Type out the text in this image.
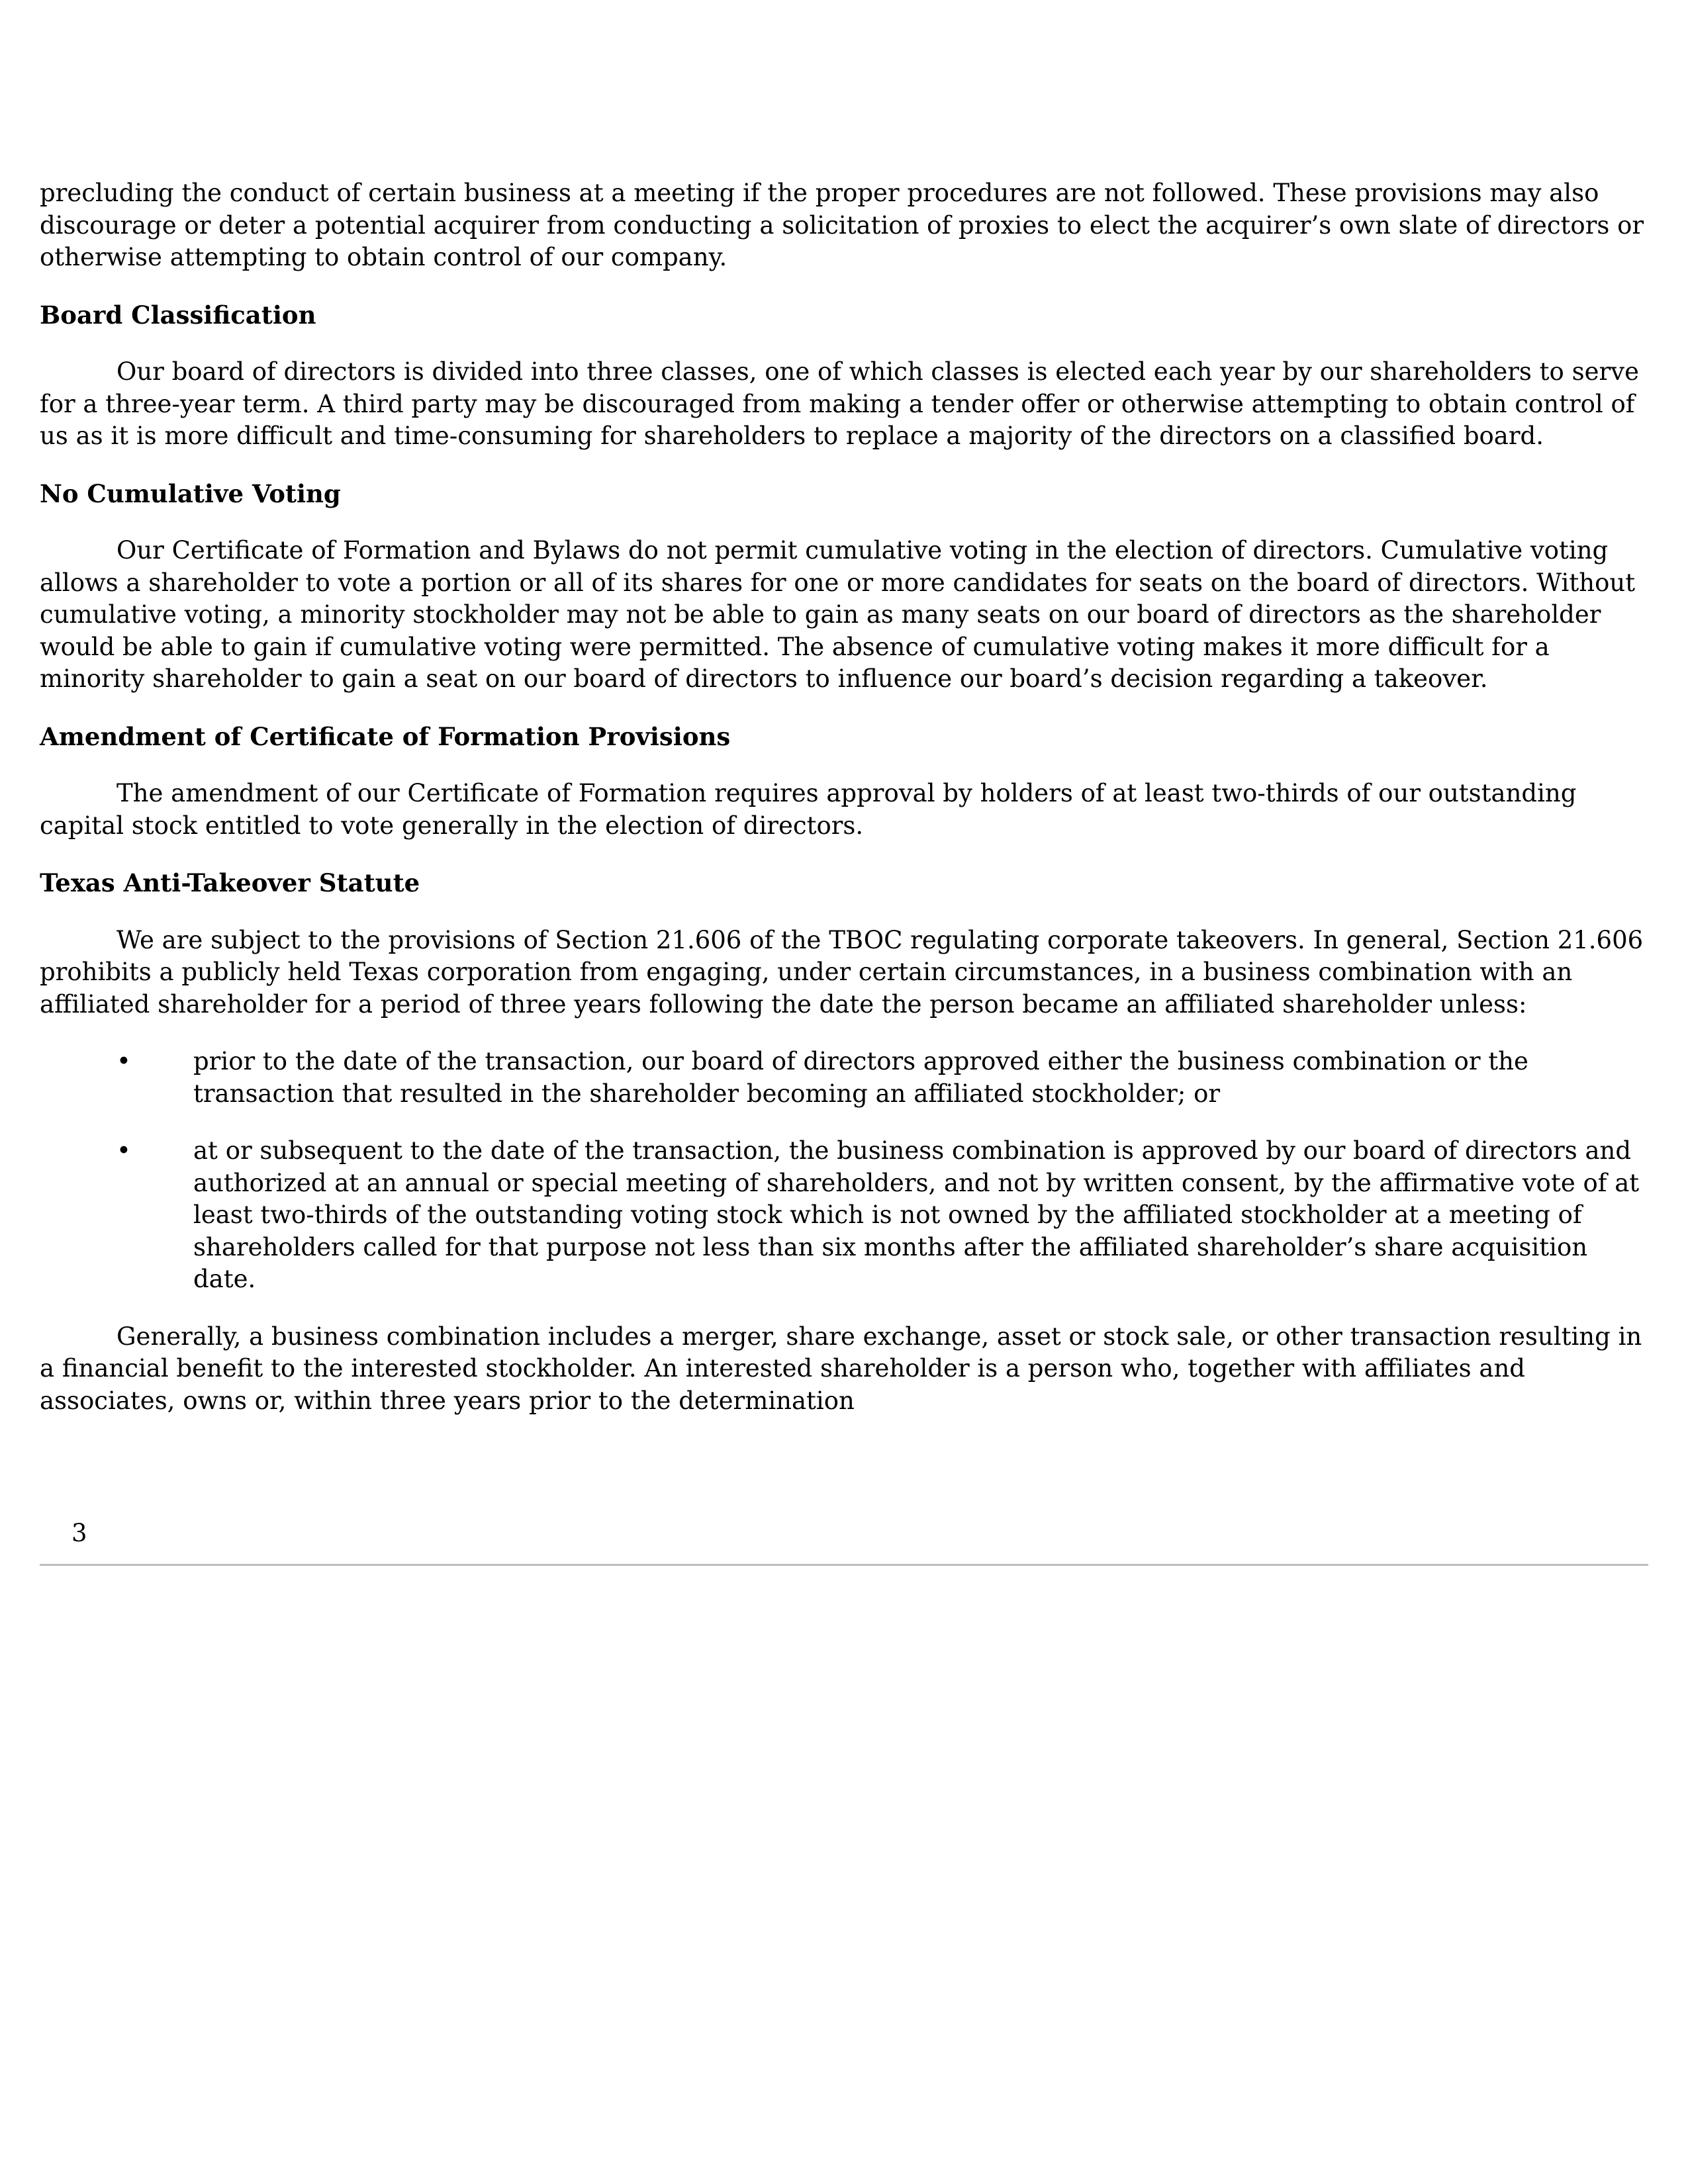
precluding the conduct of certain business at a meeting if the proper procedures are not followed. These provisions may also discourage or deter a potential acquirer from conducting a solicitation of proxies to elect the acquirer’s own slate of directors or otherwise attempting to obtain control of our company.

Board Classification

Our board of directors is divided into three classes, one of which classes is elected each year by our shareholders to serve for a three-year term. A third party may be discouraged from making a tender offer or otherwise attempting to obtain control of us as it is more difficult and time-consuming for shareholders to replace a majority of the directors on a classified board.

No Cumulative Voting

Our Certificate of Formation and Bylaws do not permit cumulative voting in the election of directors. Cumulative voting allows a shareholder to vote a portion or all of its shares for one or more candidates for seats on the board of directors. Without cumulative voting, a minority stockholder may not be able to gain as many seats on our board of directors as the shareholder would be able to gain if cumulative voting were permitted. The absence of cumulative voting makes it more difficult for a minority shareholder to gain a seat on our board of directors to influence our board’s decision regarding a takeover.

Amendment of Certificate of Formation Provisions

The amendment of our Certificate of Formation requires approval by holders of at least two-thirds of our outstanding capital stock entitled to vote generally in the election of directors.

Texas Anti-Takeover Statute

We are subject to the provisions of Section 21.606 of the TBOC regulating corporate takeovers. In general, Section 21.606 prohibits a publicly held Texas corporation from engaging, under certain circumstances, in a business combination with an affiliated shareholder for a period of three years following the date the person became an affiliated shareholder unless:

•	prior to the date of the transaction, our board of directors approved either the business combination or the transaction that resulted in the shareholder becoming an affiliated stockholder; or
•	at or subsequent to the date of the transaction, the business combination is approved by our board of directors and authorized at an annual or special meeting of shareholders, and not by written consent, by the affirmative vote of at least two-thirds of the outstanding voting stock which is not owned by the affiliated stockholder at a meeting of shareholders called for that purpose not less than six months after the affiliated shareholder’s share acquisition date.

Generally, a business combination includes a merger, share exchange, asset or stock sale, or other transaction resulting in a financial benefit to the interested stockholder. An interested shareholder is a person who, together with affiliates and associates, owns or, within three years prior to the determination

3
